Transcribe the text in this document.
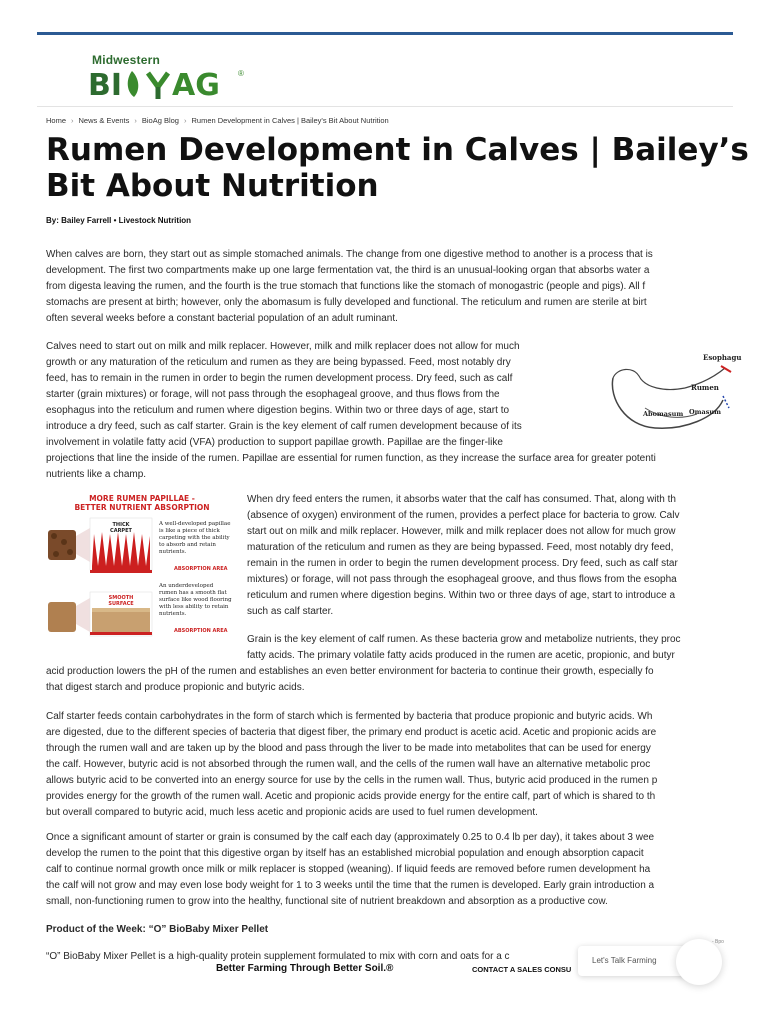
Midwestern
BI AG ®
Home › News & Events › BioAg Blog › Rumen Development in Calves | Bailey's Bit About Nutrition
Rumen Development in Calves | Bailey’s
Bit About Nutrition
By: Bailey Farrell • Livestock Nutrition

When calves are born, they start out as simple stomached animals. The change from one digestive method to another is a process that is
development. The first two compartments make up one large fermentation vat, the third is an unusual-looking organ that absorbs water a
from digesta leaving the rumen, and the fourth is the true stomach that functions like the stomach of monogastric (people and pigs). All f
stomachs are present at birth; however, only the abomasum is fully developed and functional. The reticulum and rumen are sterile at birt
often several weeks before a constant bacterial population of an adult ruminant.

Calves need to start out on milk and milk replacer. However, milk and milk replacer does not allow for much
growth or any maturation of the reticulum and rumen as they are being bypassed. Feed, most notably dry
feed, has to remain in the rumen in order to begin the rumen development process. Dry feed, such as calf
starter (grain mixtures) or forage, will not pass through the esophageal groove, and thus flows from the
esophagus into the reticulum and rumen where digestion begins. Within two or three days of age, start to
introduce a dry feed, such as calf starter. Grain is the key element of calf rumen development because of its
involvement in volatile fatty acid (VFA) production to support papillae growth. Papillae are the finger-like
projections that line the inside of the rumen. Papillae are essential for rumen function, as they increase the surface area for greater potenti
nutrients like a champ.

Esophagu
Rumen
Abomasum Omasum
MORE RUMEN PAPILLAE -
BETTER NUTRIENT ABSORPTION
THICK
CARPET
A well-developed papillae
is like a piece of thick
carpeting with the ability
to absorb and retain
nutrients.
ABSORPTION AREA
SMOOTH
SURFACE
An underdeveloped
rumen has a smooth flat
surface like wood flooring
with less ability to retain
nutrients.
ABSORPTION AREA

When dry feed enters the rumen, it absorbs water that the calf has consumed. That, along with th
(absence of oxygen) environment of the rumen, provides a perfect place for bacteria to grow. Calv
start out on milk and milk replacer. However, milk and milk replacer does not allow for much grow
maturation of the reticulum and rumen as they are being bypassed. Feed, most notably dry feed,
remain in the rumen in order to begin the rumen development process. Dry feed, such as calf star
mixtures) or forage, will not pass through the esophageal groove, and thus flows from the esopha
reticulum and rumen where digestion begins. Within two or three days of age, start to introduce a
such as calf starter.

Grain is the key element of calf rumen. As these bacteria grow and metabolize nutrients, they proc
fatty acids. The primary volatile fatty acids produced in the rumen are acetic, propionic, and butyr

acid production lowers the pH of the rumen and establishes an even better environment for bacteria to continue their growth, especially fo
that digest starch and produce propionic and butyric acids.

Calf starter feeds contain carbohydrates in the form of starch which is fermented by bacteria that produce propionic and butyric acids. Wh
are digested, due to the different species of bacteria that digest fiber, the primary end product is acetic acid. Acetic and propionic acids are
through the rumen wall and are taken up by the blood and pass through the liver to be made into metabolites that can be used for energy
the calf. However, butyric acid is not absorbed through the rumen wall, and the cells of the rumen wall have an alternative metabolic proc
allows butyric acid to be converted into an energy source for use by the cells in the rumen wall. Thus, butyric acid produced in the rumen p
provides energy for the growth of the rumen wall. Acetic and propionic acids provide energy for the entire calf, part of which is shared to th
but overall compared to butyric acid, much less acetic and propionic acids are used to fuel rumen development.

Once a significant amount of starter or grain is consumed by the calf each day (approximately 0.25 to 0.4 lb per day), it takes about 3 wee
develop the rumen to the point that this digestive organ by itself has an established microbial population and enough absorption capacit
calf to continue normal growth once milk or milk replacer is stopped (weaning). If liquid feeds are removed before rumen development ha
the calf will not grow and may even lose body weight for 1 to 3 weeks until the time that the rumen is developed. Early grain introduction a
small, non-functioning rumen to grow into the healthy, functional site of nutrient breakdown and absorption as a productive cow.

Product of the Week: “O” BioBaby Mixer Pellet

“O” BioBaby Mixer Pellet is a high-quality protein supplement formulated to mix with corn and oats for a c

Better Farming Through Better Soil.®	CONTACT A SALES CONSU
Let's Talk Farming
- Bpo
